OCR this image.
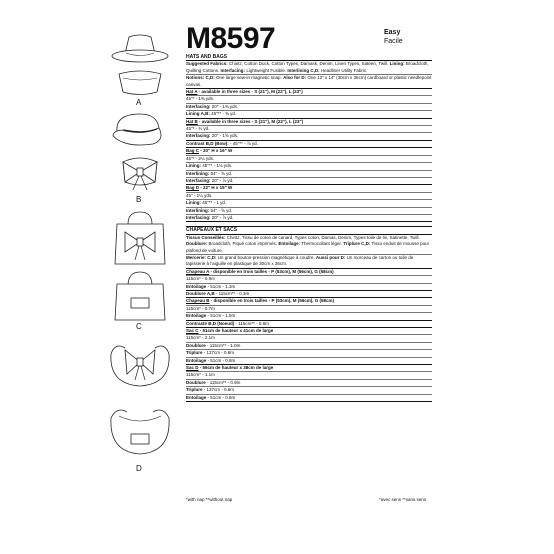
A
B
C
D
M8597	Easy
Facile
HATS AND BAGS
Suggested Fabrics: Chintz, Cotton Duck, Cotton Types, Damask, Denim, Linen Types, Sateen, Twill. Lining: Broadcloth, Quilting Cottons. Interfacing: Lightweight Fusible. Interlining C,D: Headliner Utility Fabric.
Notions: C,D: One large sew-in magnetic snap. Also for D: One 12" x 14" (30cm x 36cm) cardboard or plastic needlepoint canvas.
Hat A - available in three sizes - S (21"), M (22"), L (23")
45"* - 1⅜ yds.
Interfacing: 20" - 1⅜ yds.
Lining A,B: 45"** - ⅜ yd.
Hat B - available in three sizes - S (21"), M (22"), L (23")
45"* - ¾ yd.
Interfacing: 20" - 1⅝ yds.
Contrast B,D (Bow): - 45"** - ⅞ yd.
Bag C - 20" H x 16" W
45"* - 2¼ yds.
Lining: 45"** - 1⅛ yds.
Interlining: 54" - ⅝ yd.
Interfacing: 20" - ⅞ yd.
Bag D - 22" H x 15" W
45" - 1¼ yds.
Lining: 45"** - 1 yd.
Interlining: 54" - ⅝ yd.
Interfacing: 20" - ⅞ yd.
CHAPEAUX ET SACS
Tissus Conseillés: Chintz, Tissu de coton de canard, Types coton, Damas, Denim, Types toile de lin, Satinette, Twill. Doublure: Broadcloth, Piqué coton imprimés. Entoilage: Thermocollant léger. Triplure C,D: Tissu enduit de mousse pour plafond de voiture.
Mercerie: C,D: Un grand bouton-pression magnétique à coudre. Aussi pour D: Un morceau de carton ou toile de tapisserie à l'aiguille en plastique de 30cm x 36cm.
Chapeau A - disponible en trois tailles - P (53cm), M (56cm), G (58cm)
115cm* - 0.9m
Entoilage - 51cm - 1.3m
Doublure A,B - 115cm** - 0.3m
Chapeau B - disponible en trois tailles - P (53cm), M (56cm), G (58cm)
115cm* - 0.7m
Entoilage - 51cm - 1.5m
Contraste B,D (Noeud) - 115cm** - 0.8m
Sac C - 51cm de hauteur x 41cm de large
115cm* - 2.1m
Doublure - 115cm** - 1.0m
Triplure - 137cm - 0.6m
Entoilage - 51cm - 0.8m
Sac D - 56cm de hauteur x 38cm de large
115cm* - 1.1m
Doublure - 115cm** - 0.9m
Triplure - 137cm - 0.6m
Entoilage - 51cm - 0.8m
*with nap **without nap	*avec sens **sans sens
